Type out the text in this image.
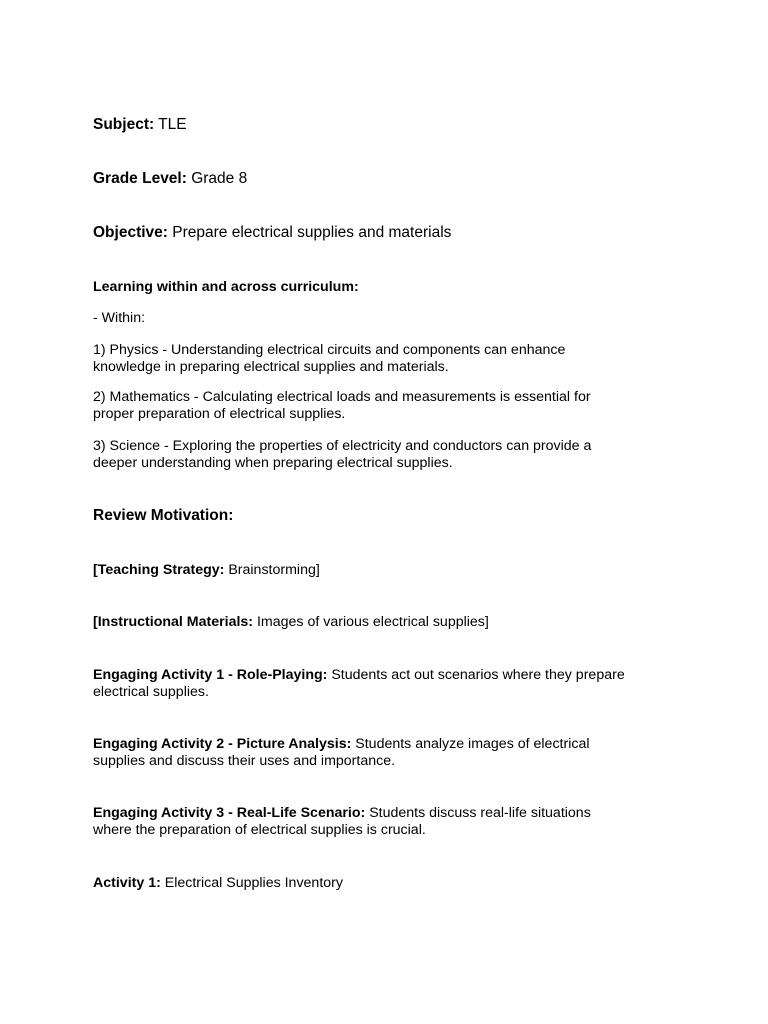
Subject: TLE
Grade Level: Grade 8
Objective: Prepare electrical supplies and materials
Learning within and across curriculum:
- Within:
1) Physics - Understanding electrical circuits and components can enhance
knowledge in preparing electrical supplies and materials.
2) Mathematics - Calculating electrical loads and measurements is essential for
proper preparation of electrical supplies.
3) Science - Exploring the properties of electricity and conductors can provide a
deeper understanding when preparing electrical supplies.
Review Motivation:
[Teaching Strategy: Brainstorming]
[Instructional Materials: Images of various electrical supplies]
Engaging Activity 1 - Role-Playing: Students act out scenarios where they prepare
electrical supplies.
Engaging Activity 2 - Picture Analysis: Students analyze images of electrical
supplies and discuss their uses and importance.
Engaging Activity 3 - Real-Life Scenario: Students discuss real-life situations
where the preparation of electrical supplies is crucial.
Activity 1: Electrical Supplies Inventory
